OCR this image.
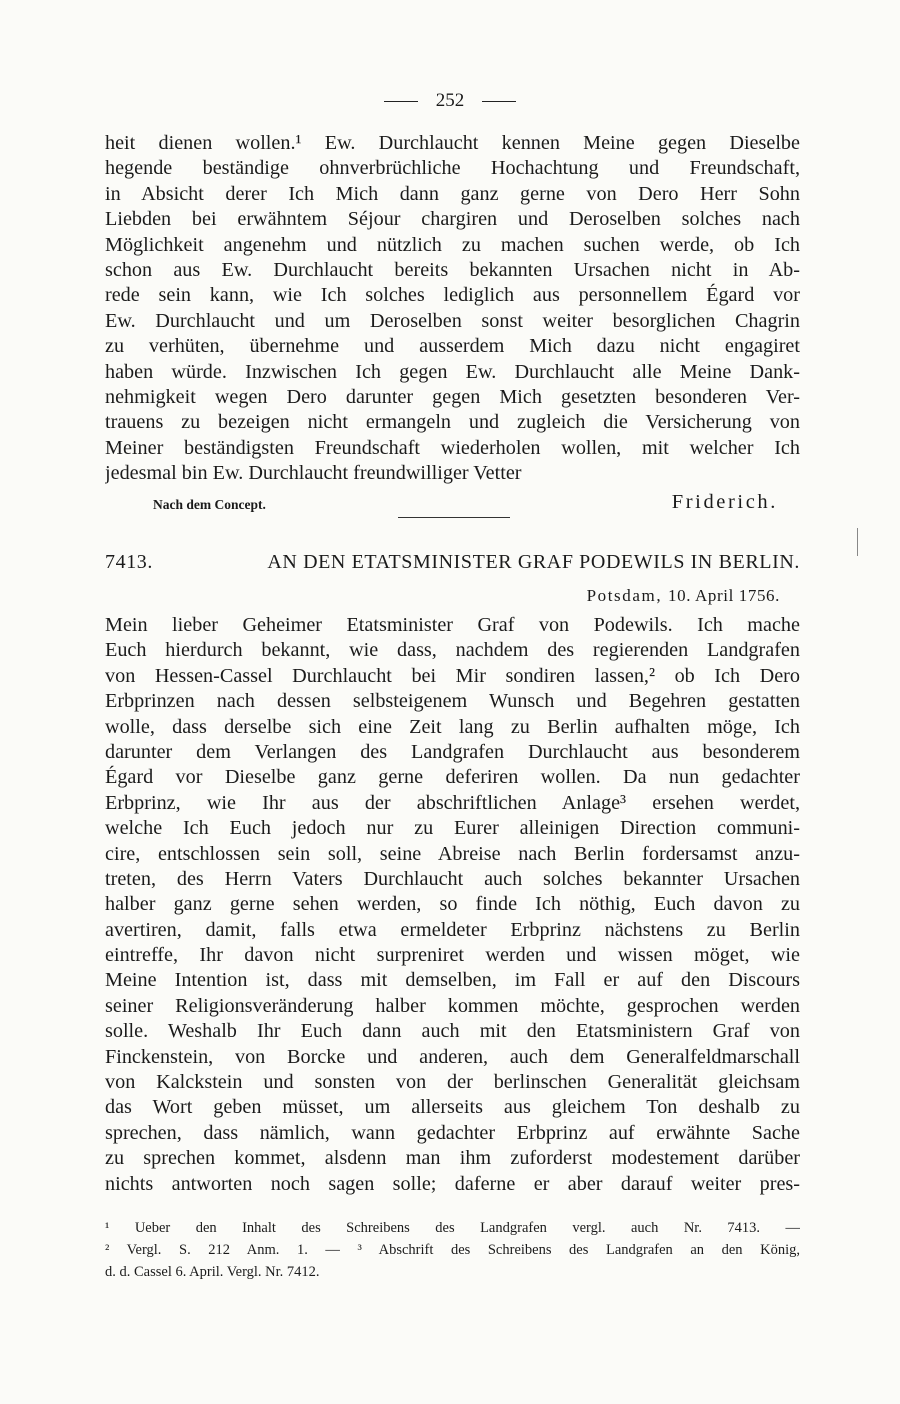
252
heit dienen wollen.¹ Ew. Durchlaucht kennen Meine gegen Dieselbe
hegende beständige ohnverbrüchliche Hochachtung und Freundschaft,
in Absicht derer Ich Mich dann ganz gerne von Dero Herr Sohn
Liebden bei erwähntem Séjour chargiren und Deroselben solches nach
Möglichkeit angenehm und nützlich zu machen suchen werde, ob Ich
schon aus Ew. Durchlaucht bereits bekannten Ursachen nicht in Ab-
rede sein kann, wie Ich solches lediglich aus personnellem Égard vor
Ew. Durchlaucht und um Deroselben sonst weiter besorglichen Chagrin
zu verhüten, übernehme und ausserdem Mich dazu nicht engagiret
haben würde. Inzwischen Ich gegen Ew. Durchlaucht alle Meine Dank-
nehmigkeit wegen Dero darunter gegen Mich gesetzten besonderen Ver-
trauens zu bezeigen nicht ermangeln und zugleich die Versicherung von
Meiner beständigsten Freundschaft wiederholen wollen, mit welcher Ich
jedesmal bin Ew. Durchlaucht freundwilliger Vetter
Nach dem Concept.	Friderich.
7413.	AN DEN ETATSMINISTER GRAF PODEWILS IN BERLIN.
Potsdam, 10. April 1756.
Mein lieber Geheimer Etatsminister Graf von Podewils. Ich mache
Euch hierdurch bekannt, wie dass, nachdem des regierenden Landgrafen
von Hessen-Cassel Durchlaucht bei Mir sondiren lassen,² ob Ich Dero
Erbprinzen nach dessen selbsteigenem Wunsch und Begehren gestatten
wolle, dass derselbe sich eine Zeit lang zu Berlin aufhalten möge, Ich
darunter dem Verlangen des Landgrafen Durchlaucht aus besonderem
Égard vor Dieselbe ganz gerne deferiren wollen. Da nun gedachter
Erbprinz, wie Ihr aus der abschriftlichen Anlage³ ersehen werdet,
welche Ich Euch jedoch nur zu Eurer alleinigen Direction communi-
cire, entschlossen sein soll, seine Abreise nach Berlin fordersamst anzu-
treten, des Herrn Vaters Durchlaucht auch solches bekannter Ursachen
halber ganz gerne sehen werden, so finde Ich nöthig, Euch davon zu
avertiren, damit, falls etwa ermeldeter Erbprinz nächstens zu Berlin
eintreffe, Ihr davon nicht surpreniret werden und wissen möget, wie
Meine Intention ist, dass mit demselben, im Fall er auf den Discours
seiner Religionsveränderung halber kommen möchte, gesprochen werden
solle. Weshalb Ihr Euch dann auch mit den Etatsministern Graf von
Finckenstein, von Borcke und anderen, auch dem Generalfeldmarschall
von Kalckstein und sonsten von der berlinschen Generalität gleichsam
das Wort geben müsset, um allerseits aus gleichem Ton deshalb zu
sprechen, dass nämlich, wann gedachter Erbprinz auf erwähnte Sache
zu sprechen kommet, alsdenn man ihm zuforderst modestement darüber
nichts antworten noch sagen solle; daferne er aber darauf weiter pres-
¹ Ueber den Inhalt des Schreibens des Landgrafen vergl. auch Nr. 7413. —
² Vergl. S. 212 Anm. 1. — ³ Abschrift des Schreibens des Landgrafen an den König,
d. d. Cassel 6. April. Vergl. Nr. 7412.
